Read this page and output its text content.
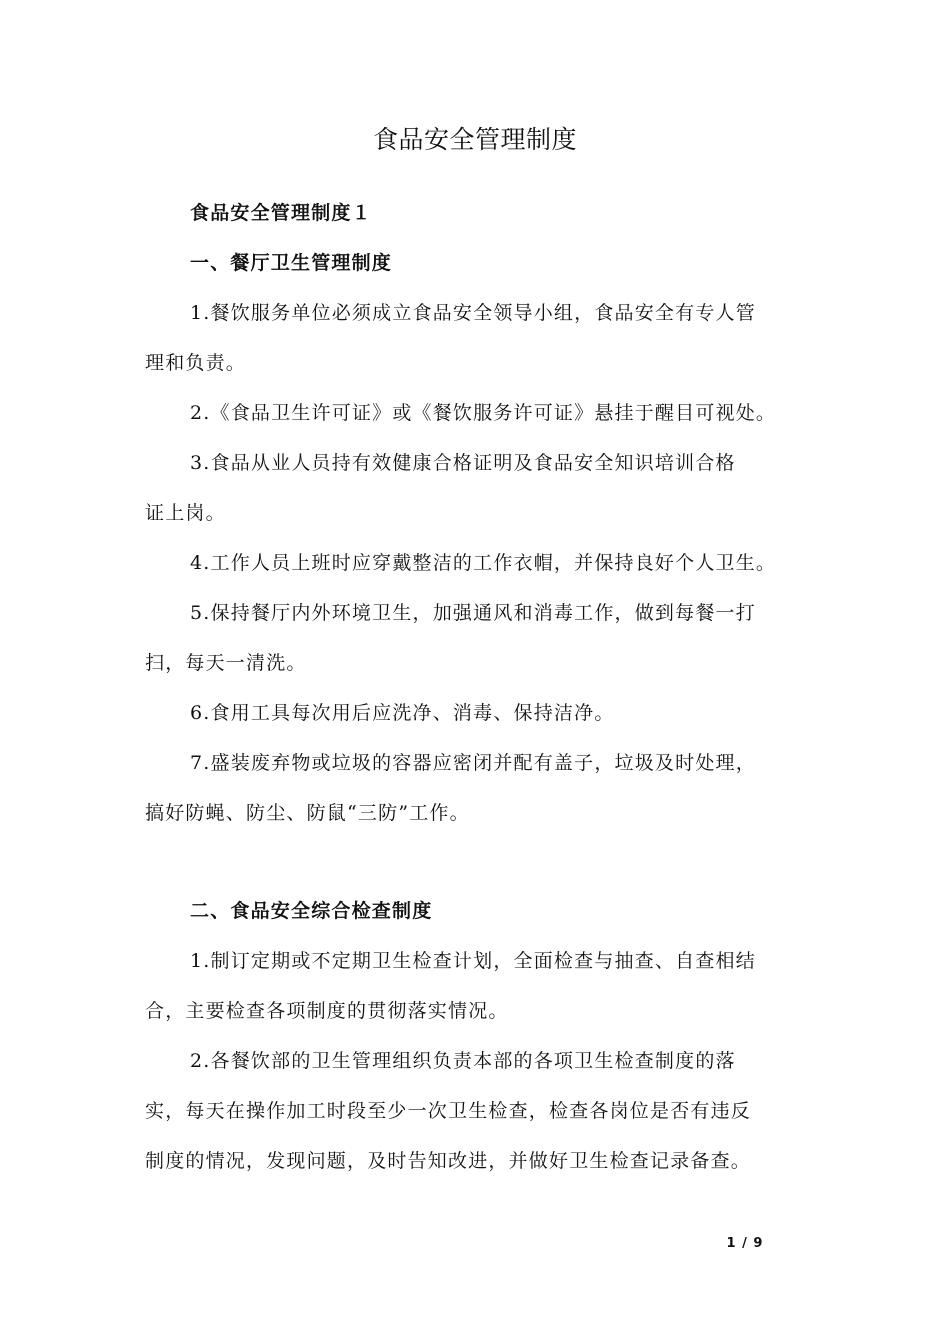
食品安全管理制度
食品安全管理制度１
一、餐厅卫生管理制度
1.餐饮服务单位必须成立食品安全领导小组，食品安全有专人管
理和负责。
2.《食品卫生许可证》或《餐饮服务许可证》悬挂于醒目可视处。
3.食品从业人员持有效健康合格证明及食品安全知识培训合格
证上岗。
4.工作人员上班时应穿戴整洁的工作衣帽，并保持良好个人卫生。
5.保持餐厅内外环境卫生，加强通风和消毒工作，做到每餐一打
扫，每天一清洗。
6.食用工具每次用后应洗净、消毒、保持洁净。
7.盛装废弃物或垃圾的容器应密闭并配有盖子，垃圾及时处理，
搞好防蝇、防尘、防鼠“三防”工作。
二、食品安全综合检查制度
1.制订定期或不定期卫生检查计划，全面检查与抽查、自查相结
合，主要检查各项制度的贯彻落实情况。
2.各餐饮部的卫生管理组织负责本部的各项卫生检查制度的落
实，每天在操作加工时段至少一次卫生检查，检查各岗位是否有违反
制度的情况，发现问题，及时告知改进，并做好卫生检查记录备查。
1 / 9
